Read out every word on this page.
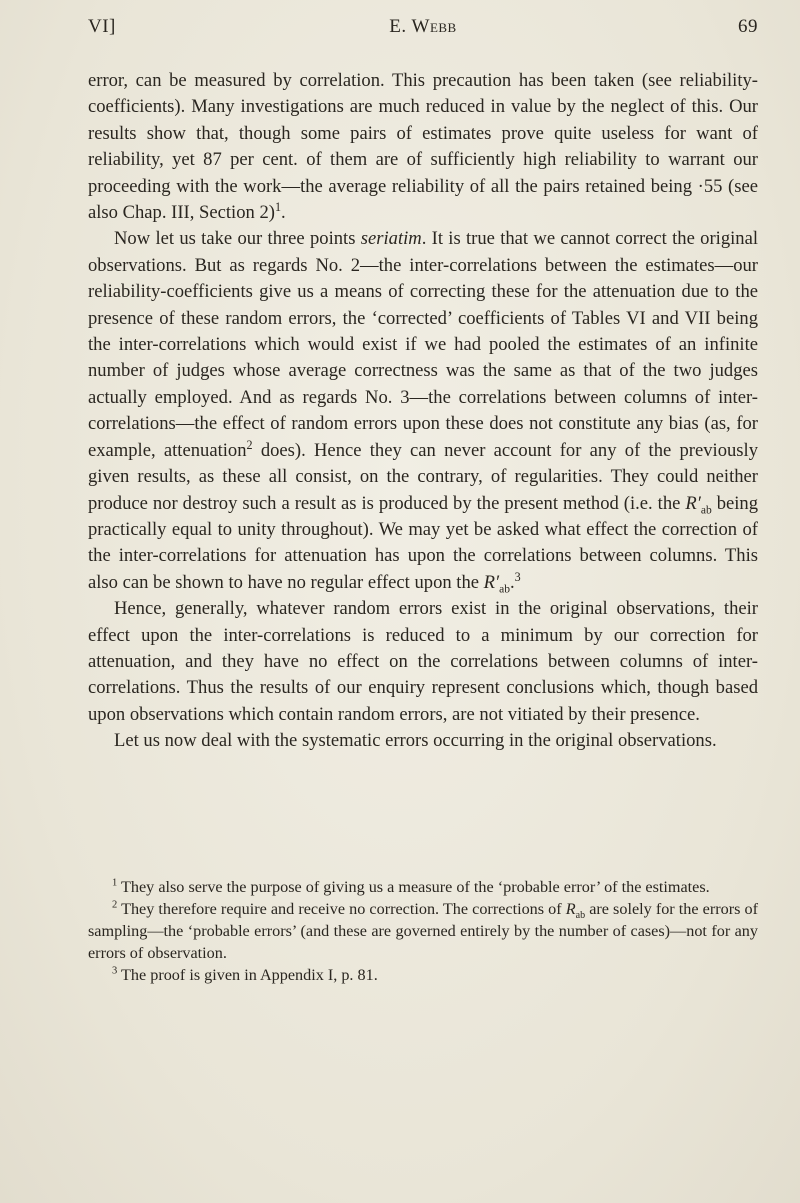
VI]	E. Webb	69

error, can be measured by correlation. This precaution has been taken (see reliability-coefficients). Many investigations are much reduced in value by the neglect of this. Our results show that, though some pairs of estimates prove quite useless for want of reliability, yet 87 per cent. of them are of sufficiently high reliability to warrant our proceeding with the work—the average reliability of all the pairs retained being ·55 (see also Chap. III, Section 2)$^1$.

Now let us take our three points seriatim. It is true that we cannot correct the original observations. But as regards No. 2—the inter-correlations between the estimates—our reliability-coefficients give us a means of correcting these for the attenuation due to the presence of these random errors, the ‘corrected’ coefficients of Tables VI and VII being the inter-correlations which would exist if we had pooled the estimates of an infinite number of judges whose average correctness was the same as that of the two judges actually employed. And as regards No. 3—the correlations between columns of inter-correlations—the effect of random errors upon these does not constitute any bias (as, for example, attenuation$^2$ does). Hence they can never account for any of the previously given results, as these all consist, on the contrary, of regularities. They could neither produce nor destroy such a result as is produced by the present method (i.e. the $R'_{ab}$ being practically equal to unity throughout). We may yet be asked what effect the correction of the inter-correlations for attenuation has upon the correlations between columns. This also can be shown to have no regular effect upon the $R'_{ab}.^3$

Hence, generally, whatever random errors exist in the original observations, their effect upon the inter-correlations is reduced to a minimum by our correction for attenuation, and they have no effect on the correlations between columns of inter-correlations. Thus the results of our enquiry represent conclusions which, though based upon observations which contain random errors, are not vitiated by their presence.

Let us now deal with the systematic errors occurring in the original observations.

$^1$ They also serve the purpose of giving us a measure of the ‘probable error’ of the estimates.

$^2$ They therefore require and receive no correction. The corrections of $R_{ab}$ are solely for the errors of sampling—the ‘probable errors’ (and these are governed entirely by the number of cases)—not for any errors of observation.

$^3$ The proof is given in Appendix I, p. 81.
